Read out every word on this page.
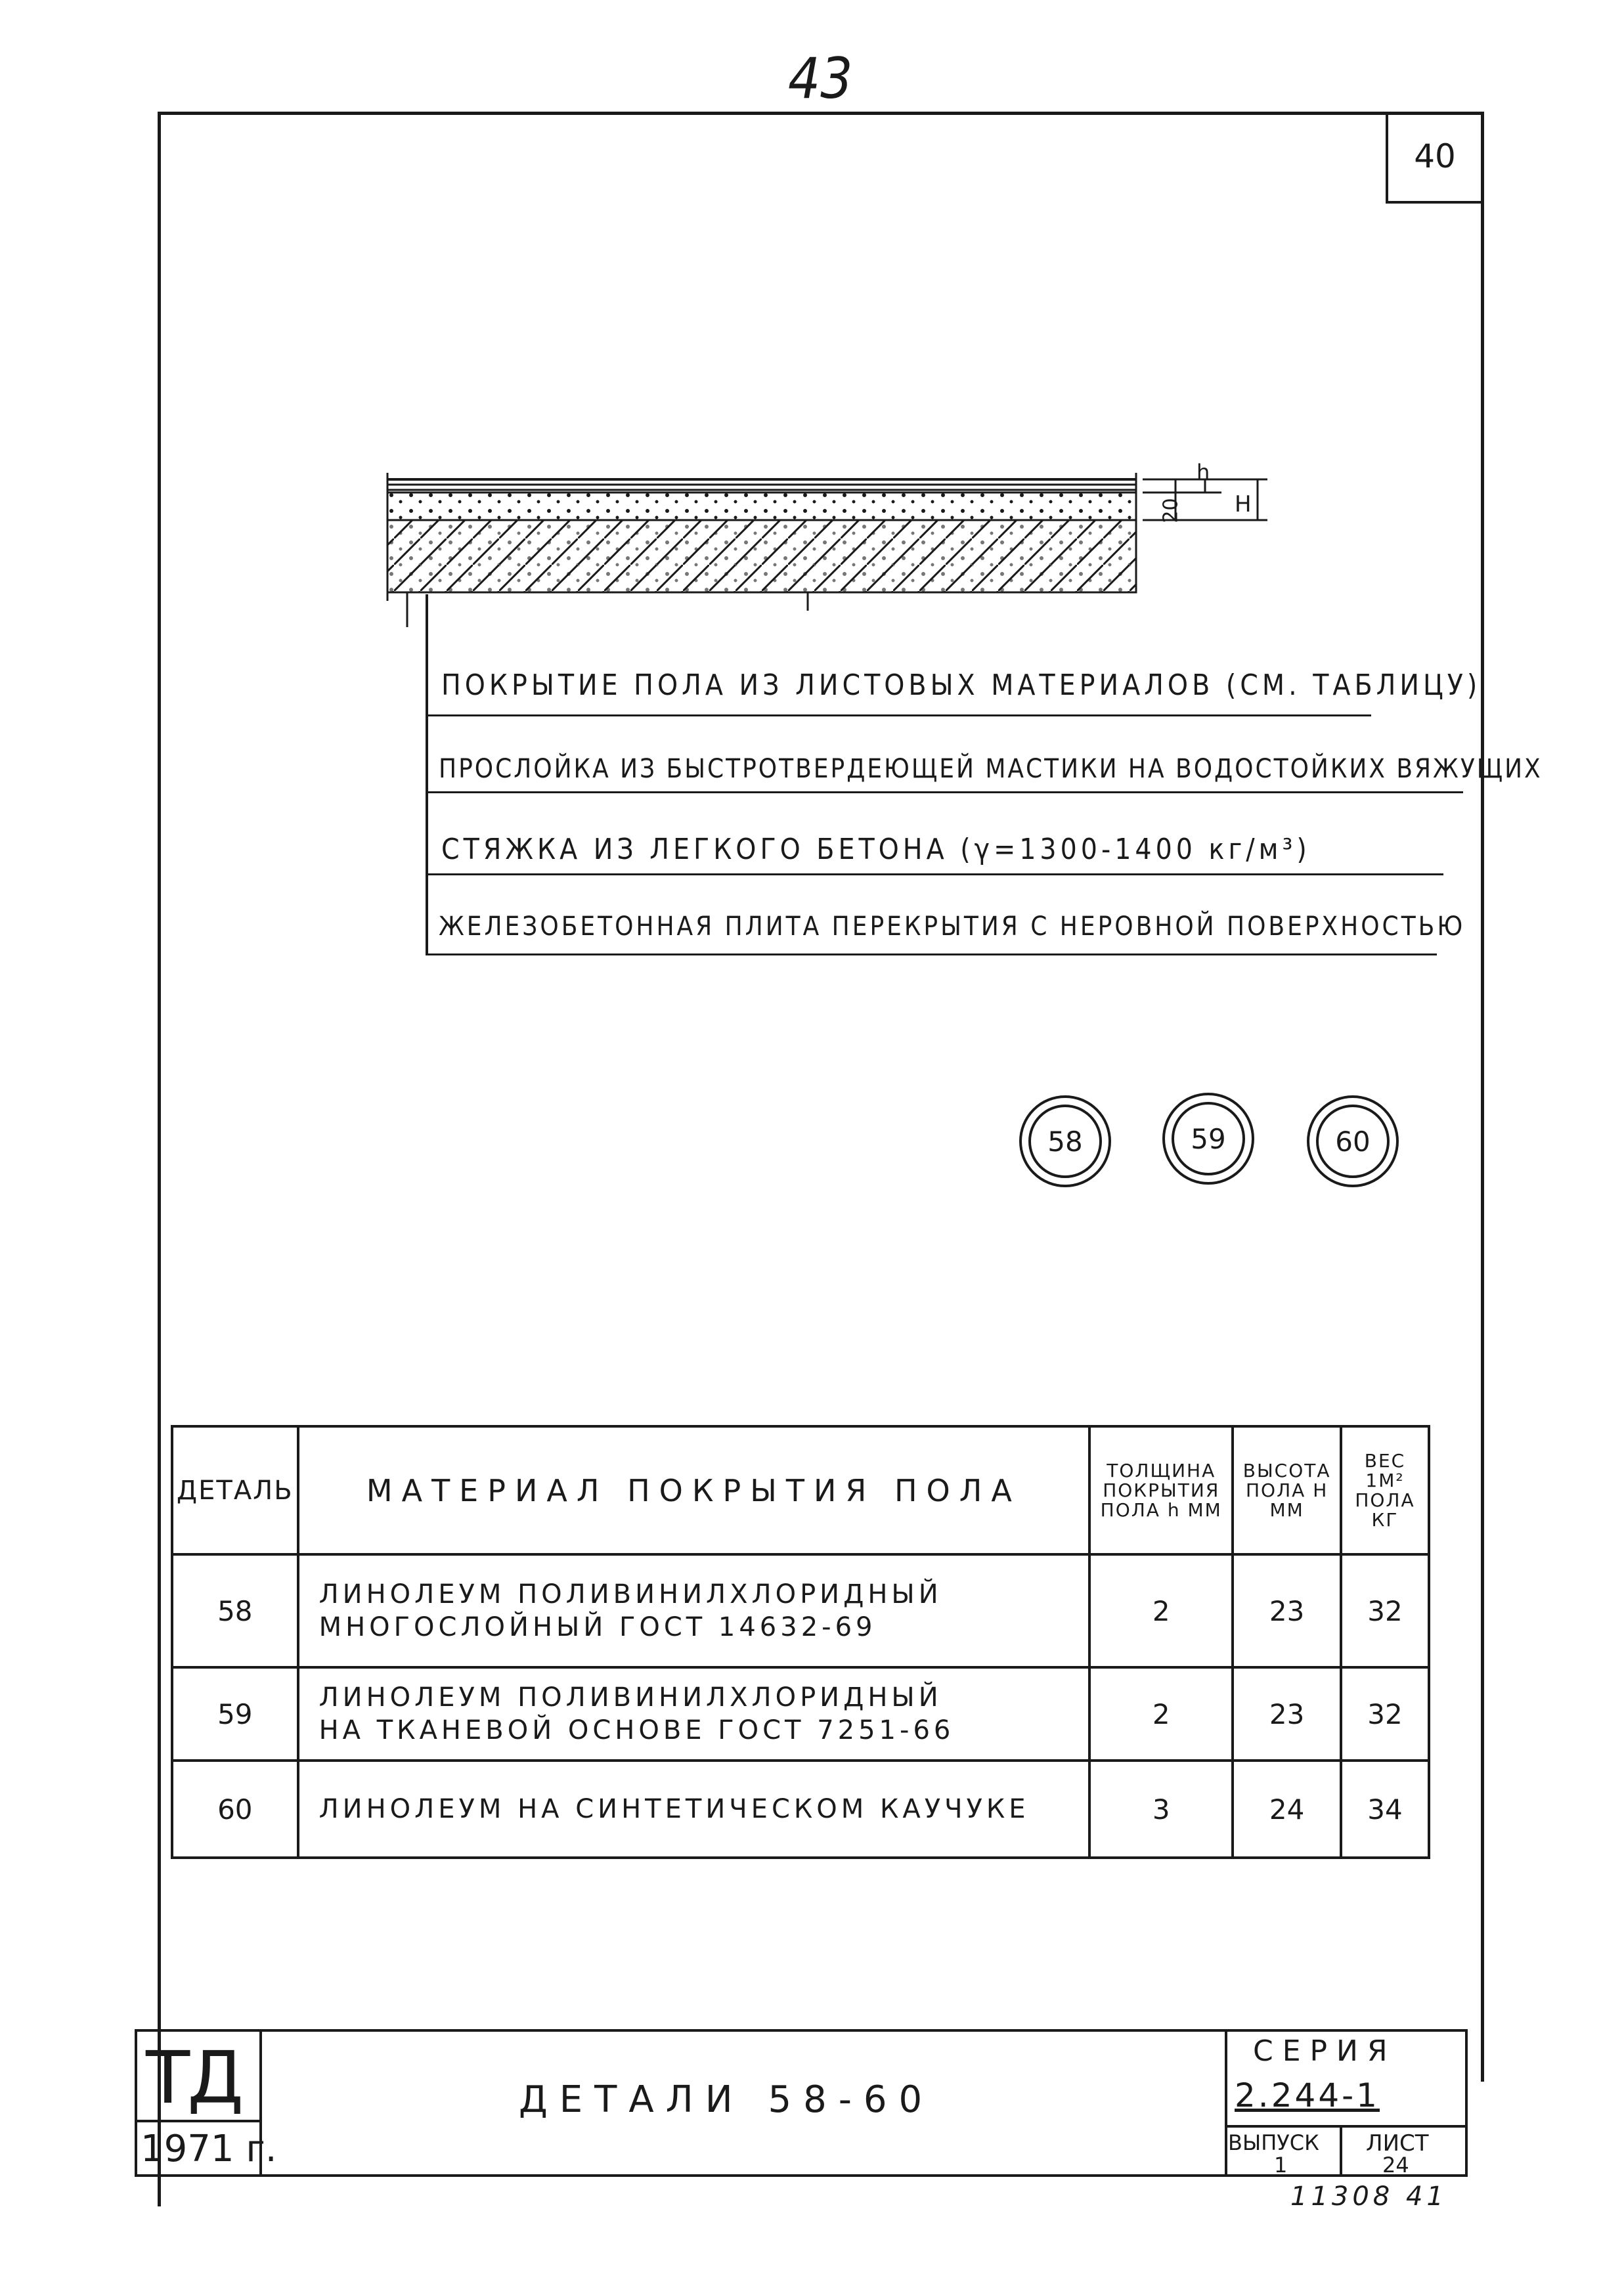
43
40
h
20 H
ПОКРЫТИЕ ПОЛА ИЗ ЛИСТОВЫХ МАТЕРИАЛОВ (СМ. ТАБЛИЦУ)
ПРОСЛОЙКА ИЗ БЫСТРОТВЕРДЕЮЩЕЙ МАСТИКИ НА ВОДОСТОЙКИХ ВЯЖУЩИХ
СТЯЖКА ИЗ ЛЕГКОГО БЕТОНА (γ=1300-1400 кг/м³)
ЖЕЛЕЗОБЕТОННАЯ ПЛИТА ПЕРЕКРЫТИЯ С НЕРОВНОЙ ПОВЕРХНОСТЬЮ
58	59	60
ДЕТАЛЬ	МАТЕРИАЛ ПОКРЫТИЯ ПОЛА	ТОЛЩИНА ПОКРЫТИЯ ПОЛА h ММ	ВЫСОТА ПОЛА H ММ	ВЕС 1М² ПОЛА КГ
58	ЛИНОЛЕУМ ПОЛИВИНИЛХЛОРИДНЫЙ
МНОГОСЛОЙНЫЙ ГОСТ 14632-69	2	23	32
59	ЛИНОЛЕУМ ПОЛИВИНИЛХЛОРИДНЫЙ
НА ТКАНЕВОЙ ОСНОВЕ ГОСТ 7251-66	2	23	32
60	ЛИНОЛЕУМ НА СИНТЕТИЧЕСКОМ КАУЧУКЕ	3	24	34
ТД
1971 г.
ДЕТАЛИ 58-60
СЕРИЯ
2.244-1
ВЫПУСК
1
ЛИСТ
24
11308 41
